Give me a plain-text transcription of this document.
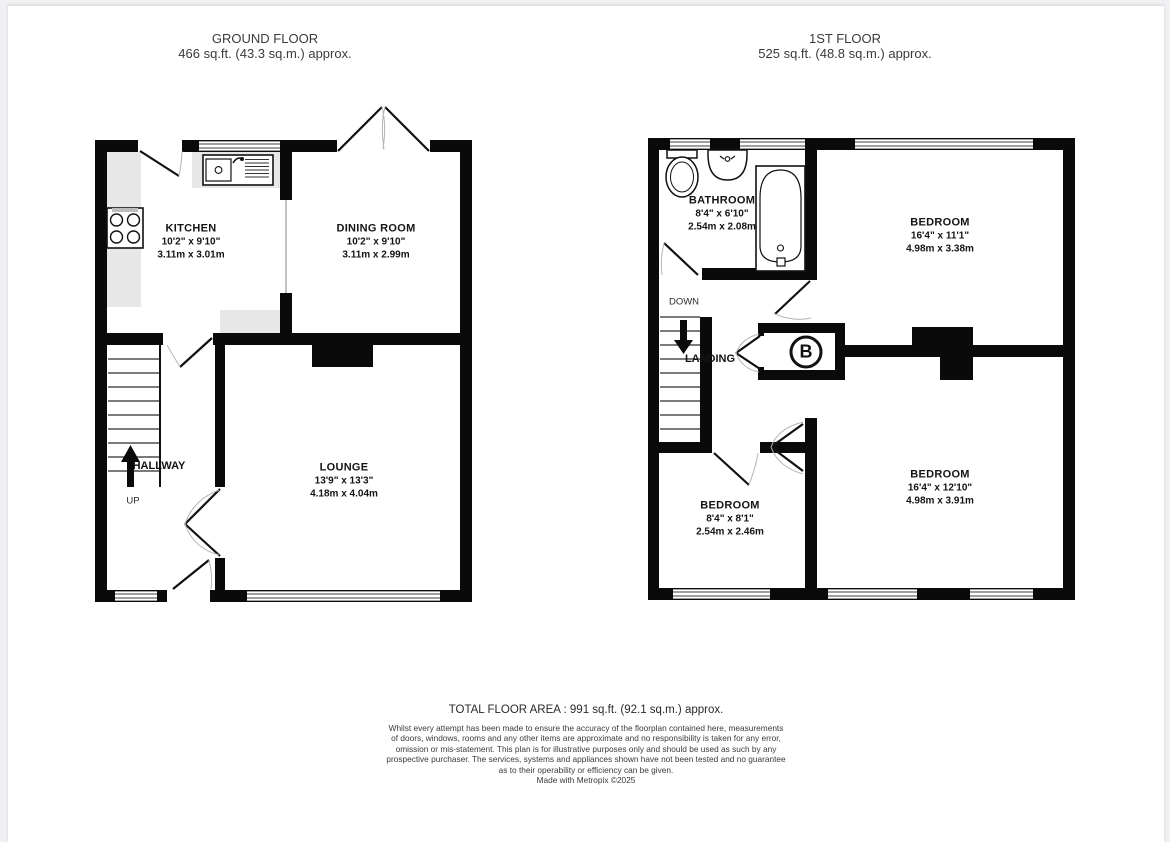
GROUND FLOOR
466 sq.ft. (43.3 sq.m.) approx.
1ST FLOOR
525 sq.ft. (48.8 sq.m.) approx.
KITCHEN
10'2" x 9'10"
3.11m x 3.01m
DINING ROOM
10'2" x 9'10"
3.11m x 2.99m
LOUNGE
13'9" x 13'3"
4.18m x 4.04m
HALLWAY
UP
BATHROOM
8'4" x 6'10"
2.54m x 2.08m	BEDROOM
16'4" x 11'1"
4.98m x 3.38m
BEDROOM
8'4" x 8'1"
2.54m x 2.46m
BEDROOM
16'4" x 12'10"
4.98m x 3.91m
LANDING
DOWN
B
TOTAL FLOOR AREA : 991 sq.ft. (92.1 sq.m.) approx.
Whilst every attempt has been made to ensure the accuracy of the floorplan contained here, measurements
of doors, windows, rooms and any other items are approximate and no responsibility is taken for any error,
omission or mis-statement. This plan is for illustrative purposes only and should be used as such by any
prospective purchaser. The services, systems and appliances shown have not been tested and no guarantee
as to their operability or efficiency can be given.
Made with Metropix ©2025
